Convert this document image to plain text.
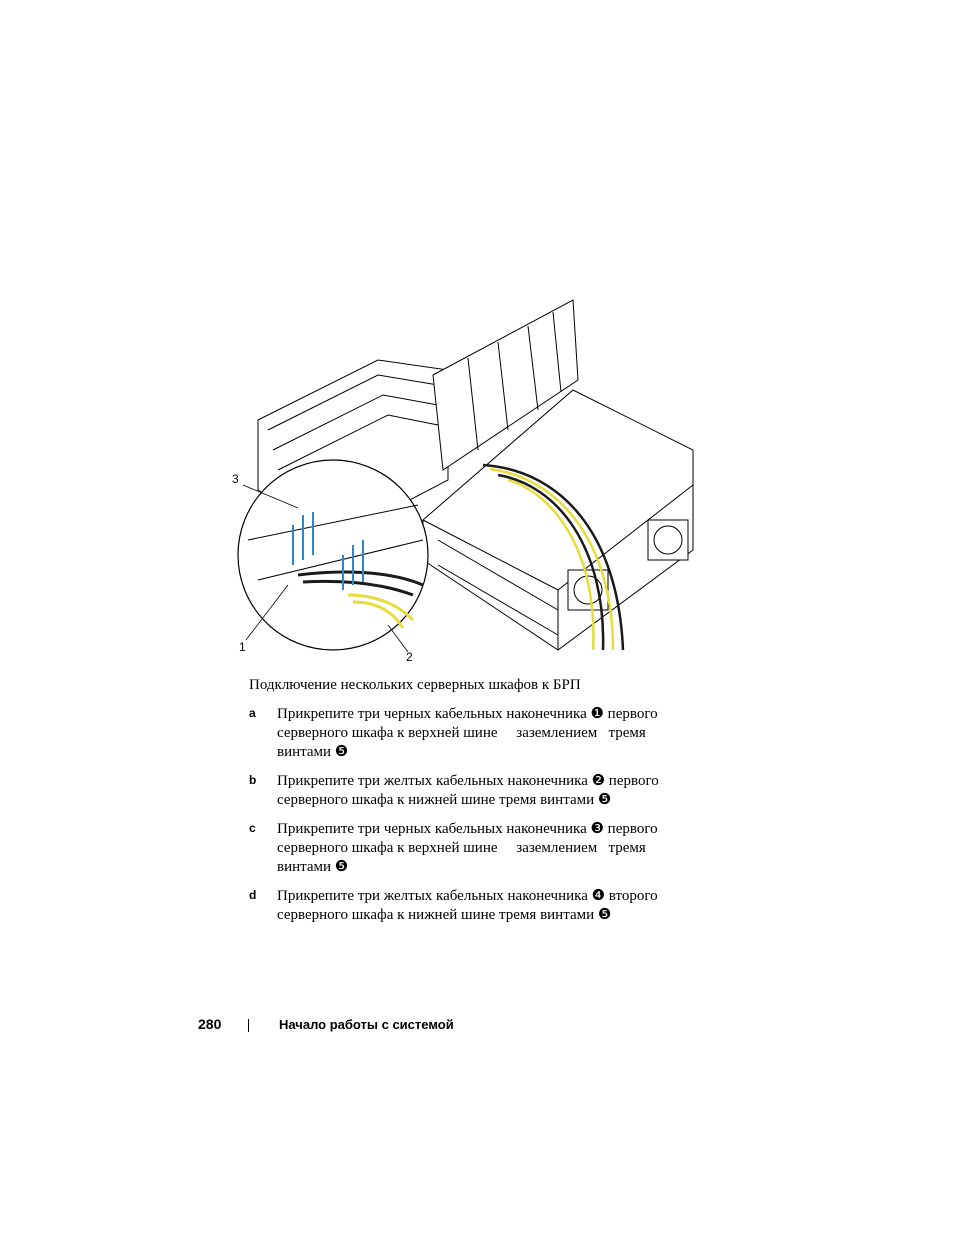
3
1
2
Подключение нескольких серверных шкафов к БРП
a Прикрепите три черных кабельных наконечника ❶ первого
серверного шкафа к верхней шине     заземлением   тремя
винтами ❺
b Прикрепите три желтых кабельных наконечника ❷ первого
серверного шкафа к нижней шине тремя винтами ❺
c Прикрепите три черных кабельных наконечника ❸ первого
серверного шкафа к верхней шине     заземлением   тремя
винтами ❺
d Прикрепите три желтых кабельных наконечника ❹ второго
серверного шкафа к нижней шине тремя винтами ❺
280	Начало работы с системой
